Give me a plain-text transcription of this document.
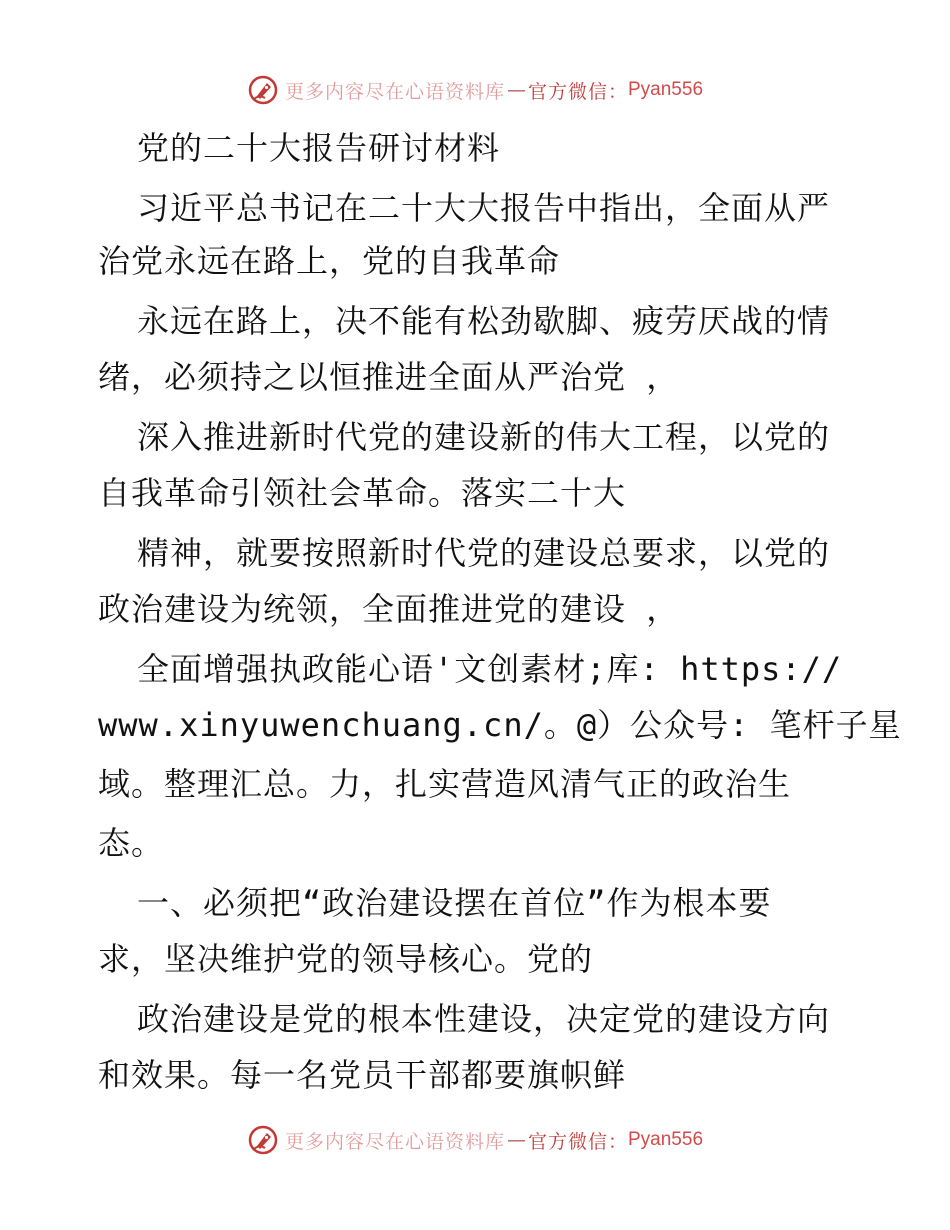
更多内容尽在心语资料库 — 官方微信： Pyan556
党的二十大报告研讨材料
习近平总书记在二十大大报告中指出，全面从严
治党永远在路上，党的自我革命
永远在路上，决不能有松劲歇脚、疲劳厌战的情
绪，必须持之以恒推进全面从严治党 ，
深入推进新时代党的建设新的伟大工程，以党的
自我革命引领社会革命。落实二十大
精神，就要按照新时代党的建设总要求，以党的
政治建设为统领，全面推进党的建设 ，
全面增强执政能心语'文创素材;库: https://
www.xinyuwenchuang.cn/。@）公众号: 笔杆子星
域。整理汇总。力，扎实营造风清气正的政治生
态。
一、必须把“政治建设摆在首位”作为根本要
求，坚决维护党的领导核心。党的
政治建设是党的根本性建设，决定党的建设方向
和效果。每一名党员干部都要旗帜鲜
更多内容尽在心语资料库 — 官方微信： Pyan556
